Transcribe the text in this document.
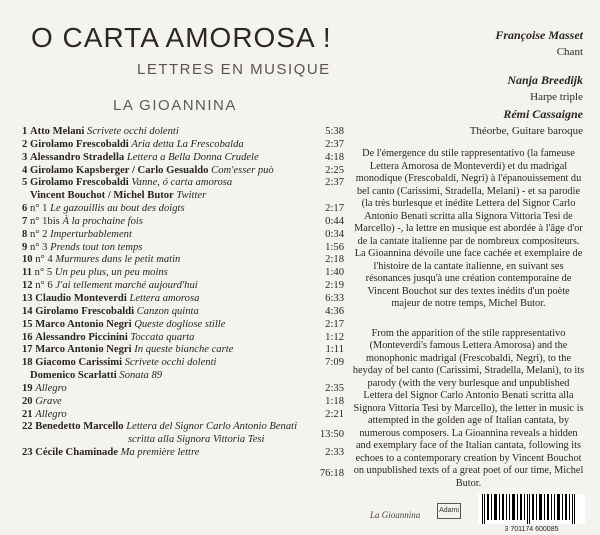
O CARTA AMOROSA !
LETTRES EN MUSIQUE
LA GIOANNINA
Françoise Masset
Chant
Nanja Breedijk
Harpe triple
Rémi Cassaigne
Théorbe, Guitare baroque
1 Atto Melani Scrivete occhi dolenti	5:38
2 Girolamo Frescobaldi Aria detta La Frescobalda	2:37
3 Alessandro Stradella Lettera a Bella Donna Crudele	4:18
4 Girolamo Kapsberger / Carlo Gesualdo Com'esser può	2:25
5 Girolamo Frescobaldi Vanne, ó carta amorosa	2:37
Vincent Bouchot / Michel Butor Twitter
6 n° 1 Le gazouillis au bout des doigts	2:17
7 n° 1bis À la prochaine fois	0:44
8 n° 2 Imperturbablement	0:34
9 n° 3 Prends tout ton temps	1:56
10 n° 4 Murmures dans le petit matin	2:18
11 n° 5 Un peu plus, un peu moins	1:40
12 n° 6 J'ai tellement marché aujourd'hui	2:19
13 Claudio Monteverdi Lettera amorosa	6:33
14 Girolamo Frescobaldi Canzon quinta	4:36
15 Marco Antonio Negri Queste dogliose stille	2:17
16 Alessandro Piccinini Toccata quarta	1:12
17 Marco Antonio Negri In queste bianche carte	1:11
18 Giacomo Carissimi Scrivete occhi dolenti	7:09
Domenico Scarlatti Sonata 89
19 Allegro	2:35
20 Grave	1:18
21 Allegro	2:21
22 Benedetto Marcello Lettera del Signor Carlo Antonio Benati
scritta alla Signora Vittoria Tesi	13:50
23 Cécile Chaminade Ma première lettre	2:33
76:18

De l'émergence du stile rappresentativo (la fameuse Lettera Amorosa de Monteverdi) et du madrigal monodique (Frescobaldi, Negri) à l'épanouissement du bel canto (Carissimi, Stradella, Melani) - et sa parodie (la très burlesque et inédite Lettera del Signor Carlo Antonio Benati scritta alla Signora Vittoria Tesi de Marcello) -, la lettre en musique est abordée à l'âge d'or de la cantate italienne par de nombreux compositeurs. La Gioannina dévoile une face cachée et exemplaire de l'histoire de la cantate italienne, en suivant ses résonances jusqu'à une création contemporaine de Vincent Bouchot sur des textes inédits d'un poète majeur de notre temps, Michel Butor.

From the apparition of the stile rappresentativo (Monteverdi's famous Lettera Amorosa) and the monophonic madrigal (Frescobaldi, Negri), to the heyday of bel canto (Carissimi, Stradella, Melani), to its parody (with the very burlesque and unpublished Lettera del Signor Carlo Antonio Benati scritta alla Signora Vittoria Tesi by Marcello), the letter in music is attempted in the golden age of Italian cantata, by numerous composers. La Gioannina reveals a hidden and exemplary face of the Italian cantata, following its echoes to a contemporary creation by Vincent Bouchot on unpublished texts of a great poet of our time, Michel Butor.

La Gioannina	Adami
3 701174 600085
